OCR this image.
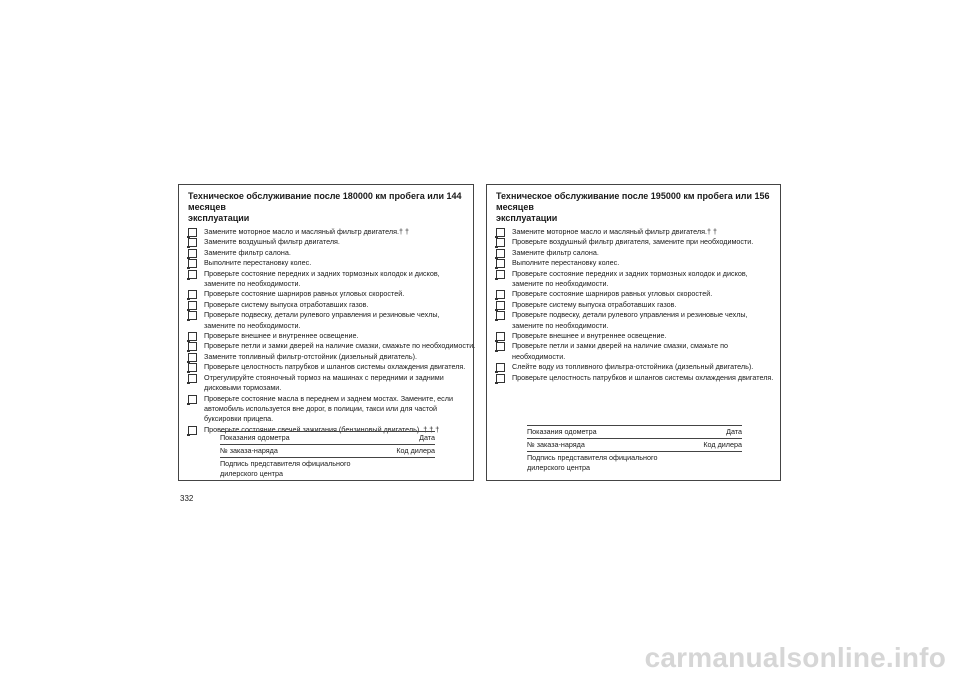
Техническое обслуживание после 180000 км пробега или 144 месяцев
эксплуатации
Замените моторное масло и масляный фильтр двигателя.† †
Замените воздушный фильтр двигателя.
Замените фильтр салона.
Выполните перестановку колес.
Проверьте состояние передних и задних тормозных колодок и дисков,
замените по необходимости.
Проверьте состояние шарниров равных угловых скоростей.
Проверьте систему выпуска отработавших газов.
Проверьте подвеску, детали рулевого управления и резиновые чехлы,
замените по необходимости.
Проверьте внешнее и внутреннее освещение.
Проверьте петли и замки дверей на наличие смазки, смажьте по необходимости.
Замените топливный фильтр-отстойник (дизельный двигатель).
Проверьте целостность патрубков и шлангов системы охлаждения двигателя.
Отрегулируйте стояночный тормоз на машинах с передними и задними
дисковыми тормозами.
Проверьте состояние масла в переднем и заднем мостах. Замените, если
автомобиль используется вне дорог, в полиции, такси или для частой
буксировки прицепа.
Проверьте состояние свечей зажигания (бензиновый двигатель). † † †
Показания одометра	Дата
№ заказа-наряда	Код дилера
Подпись представителя официального
дилерского центра
Техническое обслуживание после 195000 км пробега или 156 месяцев
эксплуатации
Замените моторное масло и масляный фильтр двигателя.† †
Проверьте воздушный фильтр двигателя, замените при необходимости.
Замените фильтр салона.
Выполните перестановку колес.
Проверьте состояние передних и задних тормозных колодок и дисков,
замените по необходимости.
Проверьте состояние шарниров равных угловых скоростей.
Проверьте систему выпуска отработавших газов.
Проверьте подвеску, детали рулевого управления и резиновые чехлы,
замените по необходимости.
Проверьте внешнее и внутреннее освещение.
Проверьте петли и замки дверей на наличие смазки, смажьте по
необходимости.
Слейте воду из топливного фильтра-отстойника (дизельный двигатель).
Проверьте целостность патрубков и шлангов системы охлаждения двигателя.
Показания одометра	Дата
№ заказа-наряда	Код дилера
Подпись представителя официального
дилерского центра
332
carmanualsonline.info
